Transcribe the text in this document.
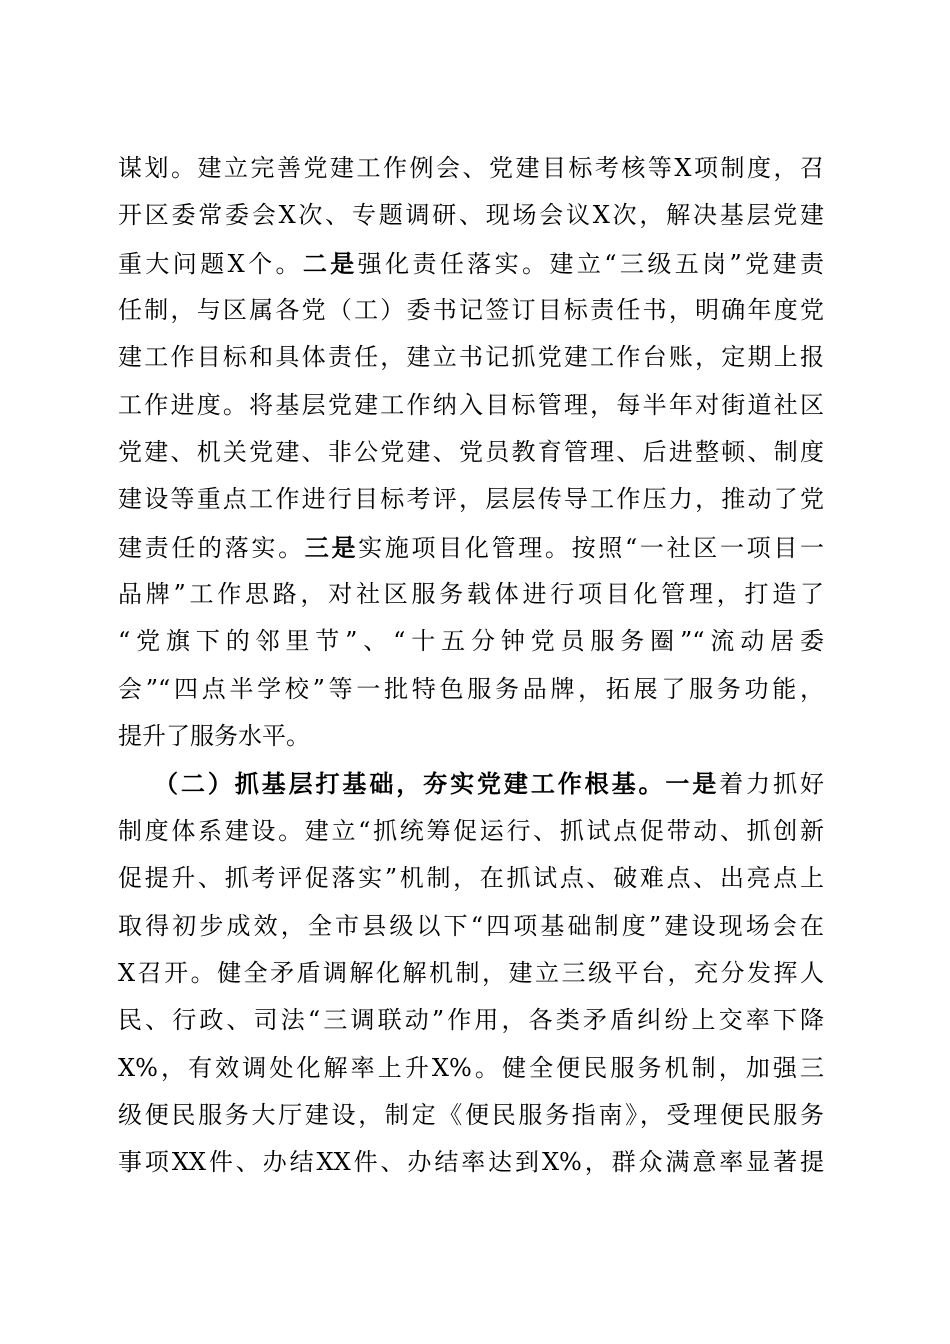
谋划。建立完善党建工作例会、党建目标考核等X项制度，召
开区委常委会X次、专题调研、现场会议X次，解决基层党建
重大问题X个。二是强化责任落实。建立“三级五岗”党建责
任制，与区属各党（工）委书记签订目标责任书，明确年度党
建工作目标和具体责任，建立书记抓党建工作台账，定期上报
工作进度。将基层党建工作纳入目标管理，每半年对街道社区
党建、机关党建、非公党建、党员教育管理、后进整顿、制度
建设等重点工作进行目标考评，层层传导工作压力，推动了党
建责任的落实。三是实施项目化管理。按照“一社区一项目一
品牌”工作思路，对社区服务载体进行项目化管理，打造了
“党旗下的邻里节”、“十五分钟党员服务圈”“流动居委
会”“四点半学校”等一批特色服务品牌，拓展了服务功能，
提升了服务水平。
（二）抓基层打基础，夯实党建工作根基。一是着力抓好
制度体系建设。建立“抓统筹促运行、抓试点促带动、抓创新
促提升、抓考评促落实”机制，在抓试点、破难点、出亮点上
取得初步成效，全市县级以下“四项基础制度”建设现场会在
X召开。健全矛盾调解化解机制，建立三级平台，充分发挥人
民、行政、司法“三调联动”作用，各类矛盾纠纷上交率下降
X%，有效调处化解率上升X%。健全便民服务机制，加强三
级便民服务大厅建设，制定《便民服务指南》，受理便民服务
事项XX件、办结XX件、办结率达到X%，群众满意率显著提
